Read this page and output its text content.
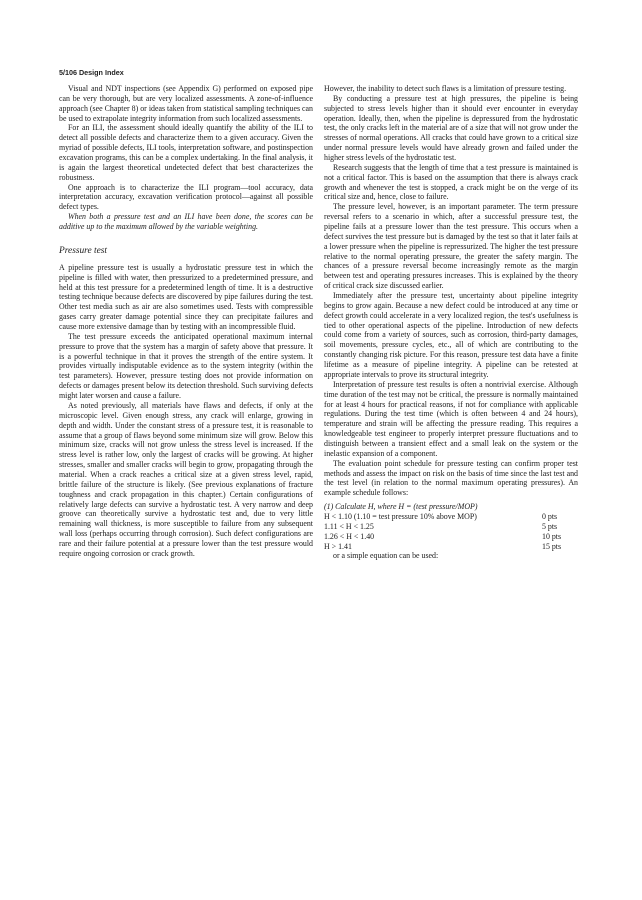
5/106 Design Index

Visual and NDT inspections (see Appendix G) performed on exposed pipe can be very thorough, but are very localized assessments. A zone-of-influence approach (see Chapter 8) or ideas taken from statistical sampling techniques can be used to extrapolate integrity information from such localized assessments.

For an ILI, the assessment should ideally quantify the ability of the ILI to detect all possible defects and characterize them to a given accuracy. Given the myriad of possible defects, ILI tools, interpretation software, and postinspection excavation programs, this can be a complex undertaking. In the final analysis, it is again the largest theoretical undetected defect that best characterizes the robustness.

One approach is to characterize the ILI program—tool accuracy, data interpretation accuracy, excavation verification protocol—against all possible defect types.

When both a pressure test and an ILI have been done, the scores can be additive up to the maximum allowed by the variable weighting.

Pressure test

A pipeline pressure test is usually a hydrostatic pressure test in which the pipeline is filled with water, then pressurized to a predetermined pressure, and held at this test pressure for a predetermined length of time. It is a destructive testing technique because defects are discovered by pipe failures during the test. Other test media such as air are also sometimes used. Tests with compressible gases carry greater damage potential since they can precipitate failures and cause more extensive damage than by testing with an incompressible fluid.

The test pressure exceeds the anticipated operational maximum internal pressure to prove that the system has a margin of safety above that pressure. It is a powerful technique in that it proves the strength of the entire system. It provides virtually indisputable evidence as to the system integrity (within the test parameters). However, pressure testing does not provide information on defects or damages present below its detection threshold. Such surviving defects might later worsen and cause a failure.

As noted previously, all materials have flaws and defects, if only at the microscopic level. Given enough stress, any crack will enlarge, growing in depth and width. Under the constant stress of a pressure test, it is reasonable to assume that a group of flaws beyond some minimum size will grow. Below this minimum size, cracks will not grow unless the stress level is increased. If the stress level is rather low, only the largest of cracks will be growing. At higher stresses, smaller and smaller cracks will begin to grow, propagating through the material. When a crack reaches a critical size at a given stress level, rapid, brittle failure of the structure is likely. (See previous explanations of fracture toughness and crack propagation in this chapter.) Certain configurations of relatively large defects can survive a hydrostatic test. A very narrow and deep groove can theoretically survive a hydrostatic test and, due to very little remaining wall thickness, is more susceptible to failure from any subsequent wall loss (perhaps occurring through corrosion). Such defect configurations are rare and their failure potential at a pressure lower than the test pressure would require ongoing corrosion or crack growth.

However, the inability to detect such flaws is a limitation of pressure testing.

By conducting a pressure test at high pressures, the pipeline is being subjected to stress levels higher than it should ever encounter in everyday operation. Ideally, then, when the pipeline is depressured from the hydrostatic test, the only cracks left in the material are of a size that will not grow under the stresses of normal operations. All cracks that could have grown to a critical size under normal pressure levels would have already grown and failed under the higher stress levels of the hydrostatic test.

Research suggests that the length of time that a test pressure is maintained is not a critical factor. This is based on the assumption that there is always crack growth and whenever the test is stopped, a crack might be on the verge of its critical size and, hence, close to failure.

The pressure level, however, is an important parameter. The term pressure reversal refers to a scenario in which, after a successful pressure test, the pipeline fails at a pressure lower than the test pressure. This occurs when a defect survives the test pressure but is damaged by the test so that it later fails at a lower pressure when the pipeline is repressurized. The higher the test pressure relative to the normal operating pressure, the greater the safety margin. The chances of a pressure reversal become increasingly remote as the margin between test and operating pressures increases. This is explained by the theory of critical crack size discussed earlier.

Immediately after the pressure test, uncertainty about pipeline integrity begins to grow again. Because a new defect could be introduced at any time or defect growth could accelerate in a very localized region, the test's usefulness is tied to other operational aspects of the pipeline. Introduction of new defects could come from a variety of sources, such as corrosion, third-party damages, soil movements, pressure cycles, etc., all of which are contributing to the constantly changing risk picture. For this reason, pressure test data have a finite lifetime as a measure of pipeline integrity. A pipeline can be retested at appropriate intervals to prove its structural integrity.

Interpretation of pressure test results is often a nontrivial exercise. Although time duration of the test may not be critical, the pressure is normally maintained for at least 4 hours for practical reasons, if not for compliance with applicable regulations. During the test time (which is often between 4 and 24 hours), temperature and strain will be affecting the pressure reading. This requires a knowledgeable test engineer to properly interpret pressure fluctuations and to distinguish between a transient effect and a small leak on the system or the inelastic expansion of a component.

The evaluation point schedule for pressure testing can confirm proper test methods and assess the impact on risk on the basis of time since the last test and the test level (in relation to the normal maximum operating pressures). An example schedule follows:

(1) Calculate H, where H = (test pressure/MOP)

H < 1.10 (1.10 = test pressure 10% above MOP)	0 pts
1.11 < H < 1.25	5 pts
1.26 < H < 1.40	10 pts
H > 1.41	15 pts

or a simple equation can be used:
